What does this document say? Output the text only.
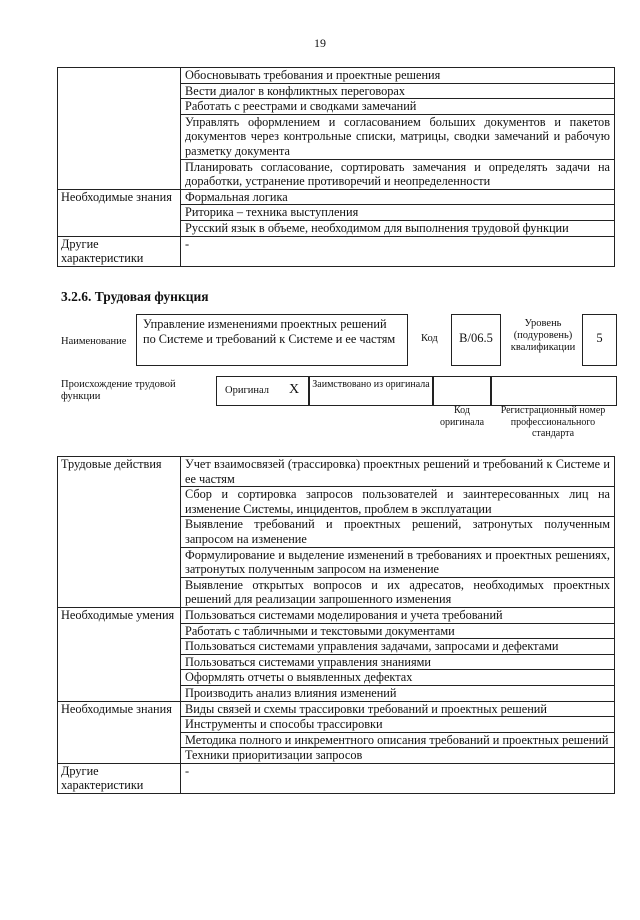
19
	Обосновывать требования и проектные решения
	Вести диалог в конфликтных переговорах
	Работать с реестрами и сводками замечаний
	Управлять оформлением и согласованием больших документов и пакетов документов через контрольные списки, матрицы, сводки замечаний и рабочую разметку документа
	Планировать согласование, сортировать замечания и определять задачи на доработки, устранение противоречий и неопределенности
Необходимые знания	Формальная логика
	Риторика – техника выступления
	Русский язык в объеме, необходимом для выполнения трудовой функции
Другие характеристики	-
3.2.6. Трудовая функция
Наименование
Управление изменениями проектных решений по Системе и требований к Системе и ее частям	Код	B/06.5
Уровень (подуровень) квалификации
5
Происхождение трудовой функции
Оригинал X	Заимствовано из оригинала
Код оригинала
Регистрационный номер профессионального стандарта
Трудовые действия	Учет взаимосвязей (трассировка) проектных решений и требований к Системе и ее частям
	Сбор и сортировка запросов пользователей и заинтересованных лиц на изменение Системы, инцидентов, проблем в эксплуатации
	Выявление требований и проектных решений, затронутых полученным запросом на изменение
	Формулирование и выделение изменений в требованиях и проектных решениях, затронутых полученным запросом на изменение
	Выявление открытых вопросов и их адресатов, необходимых проектных решений для реализации запрошенного изменения
Необходимые умения	Пользоваться системами моделирования и учета требований
	Работать с табличными и текстовыми документами
	Пользоваться системами управления задачами, запросами и дефектами
	Пользоваться системами управления знаниями
	Оформлять отчеты о выявленных дефектах
	Производить анализ влияния изменений
Необходимые знания	Виды связей и схемы трассировки требований и проектных решений
	Инструменты и способы трассировки
	Методика полного и инкрементного описания требований и проектных решений
	Техники приоритизации запросов
Другие характеристики	-
